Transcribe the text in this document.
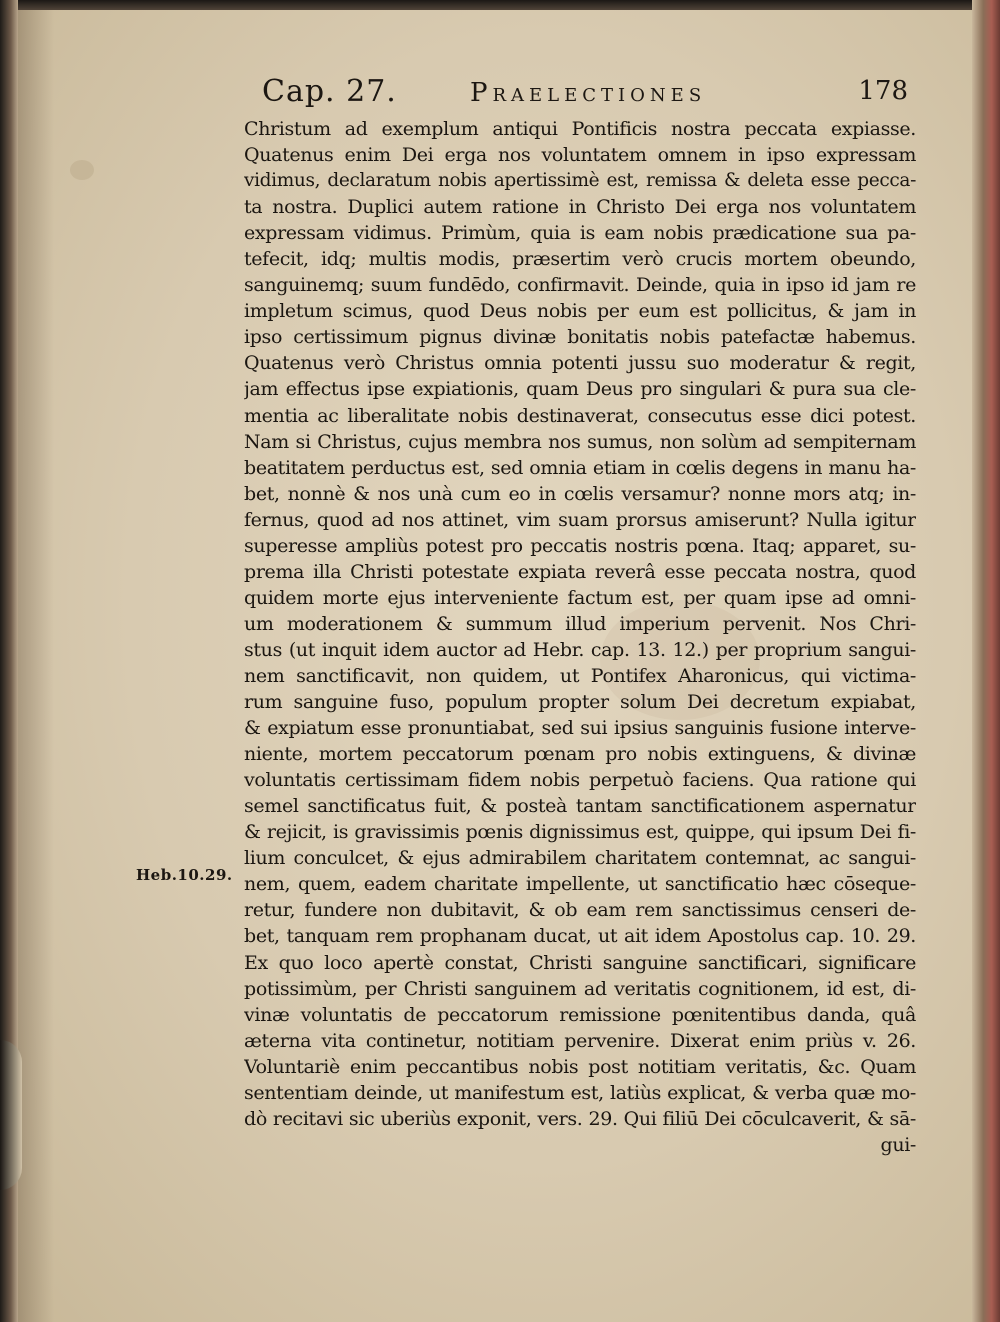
Cap. 27.	Praelectiones	178
Heb.10.29.
Christum ad exemplum antiqui Pontificis nostra peccata expiasse.
Quatenus enim Dei erga nos voluntatem omnem in ipso expressam
vidimus, declaratum nobis apertissimè est, remissa & deleta esse pecca-
ta nostra. Duplici autem ratione in Christo Dei erga nos voluntatem
expressam vidimus. Primùm, quia is eam nobis prædicatione sua pa-
tefecit, idq; multis modis, præsertim verò crucis mortem obeundo,
sanguinemq; suum fundēdo, confirmavit. Deinde, quia in ipso id jam re
impletum scimus, quod Deus nobis per eum est pollicitus, & jam in
ipso certissimum pignus divinæ bonitatis nobis patefactæ habemus.
Quatenus verò Christus omnia potenti jussu suo moderatur & regit,
jam effectus ipse expiationis, quam Deus pro singulari & pura sua cle-
mentia ac liberalitate nobis destinaverat, consecutus esse dici potest.
Nam si Christus, cujus membra nos sumus, non solùm ad sempiternam
beatitatem perductus est, sed omnia etiam in cœlis degens in manu ha-
bet, nonnè & nos unà cum eo in cœlis versamur? nonne mors atq; in-
fernus, quod ad nos attinet, vim suam prorsus amiserunt? Nulla igitur
superesse ampliùs potest pro peccatis nostris pœna. Itaq; apparet, su-
prema illa Christi potestate expiata reverâ esse peccata nostra, quod
quidem morte ejus interveniente factum est, per quam ipse ad omni-
um moderationem & summum illud imperium pervenit. Nos Chri-
stus (ut inquit idem auctor ad Hebr. cap. 13. 12.) per proprium sangui-
nem sanctificavit, non quidem, ut Pontifex Aharonicus, qui victima-
rum sanguine fuso, populum propter solum Dei decretum expiabat,
& expiatum esse pronuntiabat, sed sui ipsius sanguinis fusione interve-
niente, mortem peccatorum pœnam pro nobis extinguens, & divinæ
voluntatis certissimam fidem nobis perpetuò faciens. Qua ratione qui
semel sanctificatus fuit, & posteà tantam sanctificationem aspernatur
& rejicit, is gravissimis pœnis dignissimus est, quippe, qui ipsum Dei fi-
lium conculcet, & ejus admirabilem charitatem contemnat, ac sangui-
nem, quem, eadem charitate impellente, ut sanctificatio hæc cōseque-
retur, fundere non dubitavit, & ob eam rem sanctissimus censeri de-
bet, tanquam rem prophanam ducat, ut ait idem Apostolus cap. 10. 29.
Ex quo loco apertè constat, Christi sanguine sanctificari, significare
potissimùm, per Christi sanguinem ad veritatis cognitionem, id est, di-
vinæ voluntatis de peccatorum remissione pœnitentibus danda, quâ
æterna vita continetur, notitiam pervenire. Dixerat enim priùs v. 26.
Voluntariè enim peccantibus nobis post notitiam veritatis, &c. Quam
sententiam deinde, ut manifestum est, latiùs explicat, & verba quæ mo-
dò recitavi sic uberiùs exponit, vers. 29. Qui filiū Dei cōculcaverit, & sā-
gui-
